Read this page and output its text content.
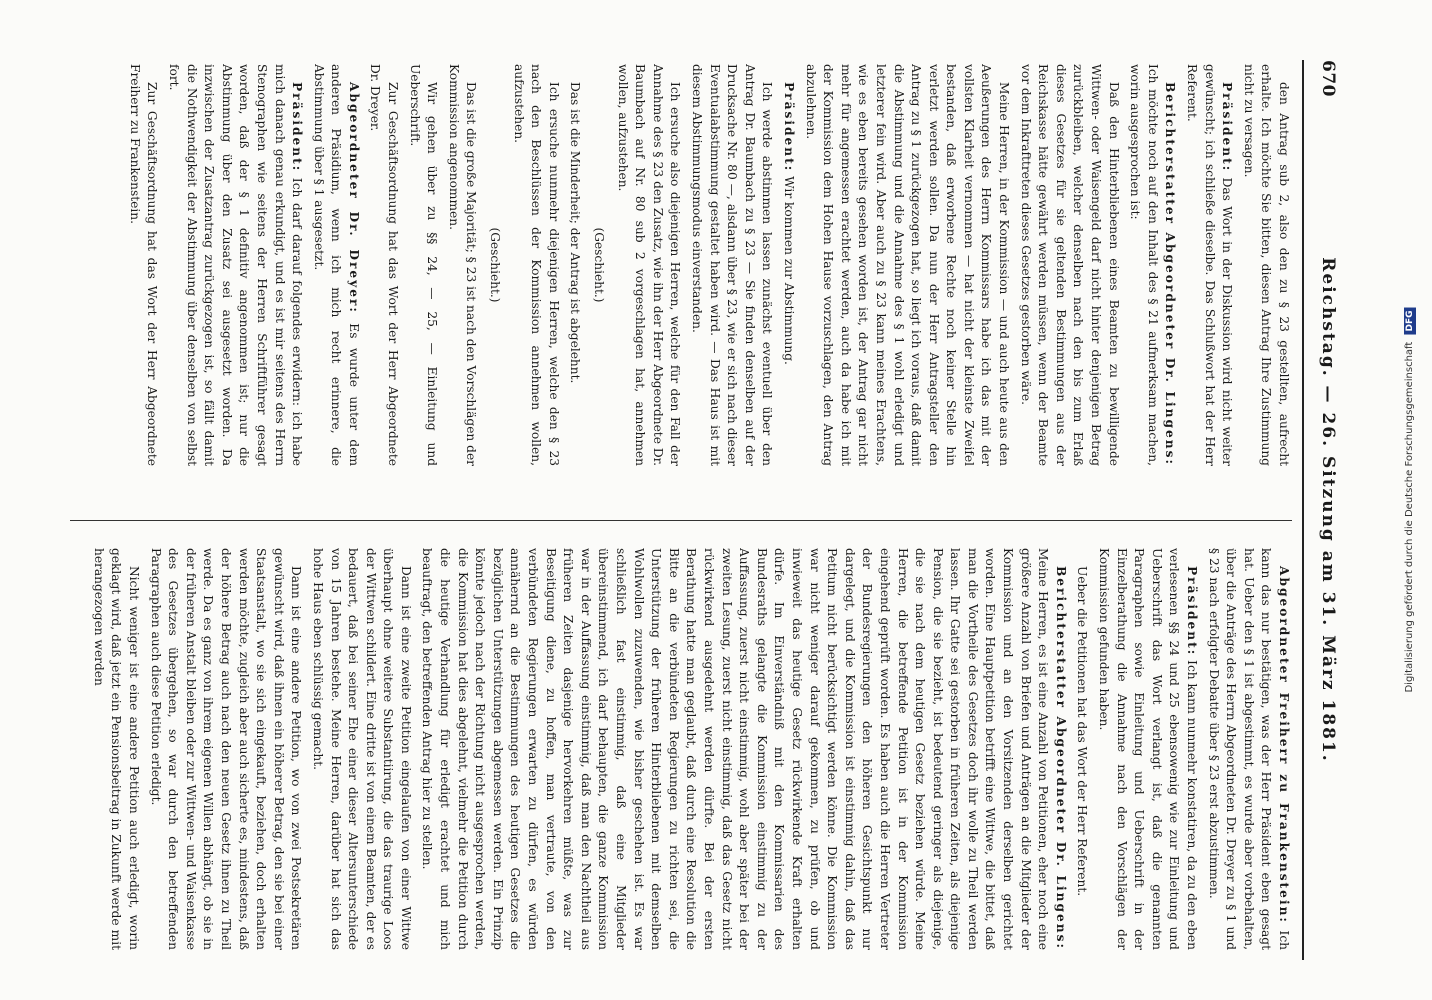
670
Reichstag. — 26. Sitzung am 31. März 1881.

den Antrag sub 2, also den zu § 23 gestellten, aufrecht erhalte. Ich möchte Sie bitten, diesen Antrag Ihre Zustimmung nicht zu versagen.

Präsident: Das Wort in der Diskussion wird nicht weiter gewünscht; ich schließe dieselbe. Das Schlußwort hat der Herr Referent.

Berichterstatter Abgeordneter Dr. Lingens: Ich möchte noch auf den Inhalt des § 21 aufmerksam machen, worin ausgesprochen ist:

Daß den Hinterbliebenen eines Beamten zu bewilligende Wittwen- oder Waisengeld darf nicht hinter denjenigen Betrag zurückbleiben, welcher denselben nach den bis zum Erlaß dieses Gesetzes für sie geltenden Bestimmungen aus der Reichskasse hätte gewährt werden müssen, wenn der Beamte vor dem Inkrafttreten dieses Gesetzes gestorben wäre.

Meine Herren, in der Kommission — und auch heute aus den Aeußerungen des Herrn Kommissars habe ich das mit der vollsten Klarheit vernommen — hat nicht der kleinste Zweifel bestanden, daß erworbene Rechte noch keiner Stelle hin verletzt werden sollen. Da nun der Herr Antragsteller den Antrag zu § 1 zurückgezogen hat, so liegt ich voraus, daß damit die Abstimmung und die Annahme des § 1 wohl erledigt und letzterer fein wird. Aber auch zu § 23 kann meines Erachtens, wie es eben bereits gesehen worden ist, der Antrag gar nicht mehr für angemessen erachtet werden, auch da habe ich mit der Kommission dem Hohen Hause vorzuschlagen, den Antrag abzulehnen.

Präsident: Wir kommen zur Abstimmung.

Ich werde abstimmen lassen zunächst eventuell über den Antrag Dr. Baumbach zu § 23 — Sie finden denselben auf der Drucksache Nr. 80 —, alsdann über § 23, wie er sich nach dieser Eventualabstimmung gestaltet haben wird. — Das Haus ist mit diesem Abstimmungsmodus einverstanden.

Ich ersuche also diejenigen Herren, welche für den Fall der Annahme des § 23 den Zusatz, wie ihn der Herr Abgeordnete Dr. Baumbach auf Nr. 80 sub 2 vorgeschlagen hat, annehmen wollen, aufzustehen.

(Geschieht.)

Das ist die Minderheit; der Antrag ist abgelehnt.

Ich ersuche nunmehr diejenigen Herren, welche den § 23 nach den Beschlüssen der Kommission annehmen wollen, aufzustehen.

(Geschieht.)

Das ist die große Majorität; § 23 ist nach den Vorschlägen der Kommission angenommen.

Wir gehen über zu §§ 24, — 25, — Einleitung und Ueberschrift.

Zur Geschäftsordnung hat das Wort der Herr Abgeordnete Dr. Dreyer.

Abgeordneter Dr. Dreyer: Es wurde unter dem anderen Präsidium, wenn ich mich recht erinnere, die Abstimmung über § 1 ausgesetzt.

Präsident: Ich darf darauf folgendes erwidern: ich habe mich danach genau erkundigt, und es ist mir seitens des Herrn Stenographen wie seitens der Herren Schriftführer gesagt worden, daß der § 1 definitiv angenommen ist; nur die Abstimmung über den Zusatz sei ausgesetzt worden. Da inzwischen der Zusatzantrag zurückgezogen ist, so fällt damit die Nothwendigkeit der Abstimmung über denselben von selbst fort.

Zur Geschäftsordnung hat das Wort der Herr Abgeordnete Freiherr zu Frankenstein.

Abgeordneter Freiherr zu Frankenstein: Ich kann das nur bestätigen, was der Herr Präsident eben gesagt hat. Ueber den § 1 ist abgestimmt, es wurde aber vorbehalten, über die Anträge des Herrn Abgeordneten Dr. Dreyer zu § 1 und § 23 nach erfolgter Debatte über § 23 erst abzustimmen.

Präsident: Ich kann nunmehr konstatiren, da zu den eben verlesenen §§ 24 und 25 ebensowenig wie zur Einleitung und Ueberschrift das Wort verlangt ist, daß die genannten Paragraphen sowie Einleitung und Ueberschrift in der Einzelberathung die Annahme nach den Vorschlägen der Kommission gefunden haben.

Ueber die Petitionen hat das Wort der Herr Referent.

Berichterstatter Abgeordneter Dr. Lingens: Meine Herren, es ist eine Anzahl von Petitionen, eher noch eine größere Anzahl von Briefen und Anträgen an die Mitglieder der Kommission und an den Vorsitzenden derselben gerichtet worden. Eine Hauptpetition betrifft eine Wittwe, die bittet, daß man die Vortheile des Gesetzes doch ihr wolle zu Theil werden lassen. Ihr Gatte sei gestorben in früheren Zeiten, als diejenige Pension, die sie bezieht, ist bedeutend geringer als diejenige, die sie nach dem heutigen Gesetz beziehen würde. Meine Herren, die betreffende Petition ist in der Kommission eingehend geprüft worden. Es haben auch die Herren Vertreter der Bundesregierungen den höheren Gesichtspunkt nur dargelegt, und die Kommission ist einstimmig dahin, daß das Petitum nicht berücksichtigt werden könne. Die Kommission war nicht weniger darauf gekommen, zu prüfen, ob und inwieweit das heutige Gesetz rückwirkende Kraft erhalten dürfe. Im Einverständniß mit den Kommissarien des Bundesraths gelangte die Kommission einstimmig zu der Auffassung, zuerst nicht einstimmig, wohl aber später bei der zweiten Lesung, zuerst nicht einstimmig, daß das Gesetz nicht rückwirkend ausgedehnt werden dürfte. Bei der ersten Berathung hatte man geglaubt, daß durch eine Resolution die Bitte an die verbündeten Regierungen zu richten sei, die Unterstützung der früheren Hinterbliebenen mit demselben Wohlwollen zuzuwenden, wie bisher geschehen ist. Es war schließlich fast einstimmig, daß eine Mitglieder übereinstimmend, ich darf behaupten, die ganze Kommission war in der Auffassung einstimmig, daß man den Nachtheil aus früheren Zeiten dasjenige hervorkehren müßte, was zur Beseitigung diene, zu hoffen, man vertraute, von den verbündeten Regierungen erwarten zu dürfen, es würden annähernd an die Bestimmungen des heutigen Gesetzes die bezüglichen Unterstützungen abgemessen werden. Ein Prinzip könnte jedoch nach der Richtung nicht ausgesprochen werden, die Kommission hat dies abgelehnt, vielmehr die Petition durch die heutige Verhandlung für erledigt erachtet und mich beauftragt, den betreffenden Antrag hier zu stellen.

Dann ist eine zweite Petition eingelaufen von einer Wittwe überhaupt ohne weitere Substantiirung, die das traurige Loos der Wittwen schildert. Eine dritte ist von einem Beamten, der es bedauert, daß bei seiner Ehe einer dieser Altersunterschiede von 15 Jahren bestehe. Meine Herren, darüber hat sich das hohe Haus eben schlüssig gemacht.

Dann ist eine andere Petition, wo von zwei Postsekretären gewünscht wird, daß ihnen ein höherer Betrag, den sie bei einer Staatsanstalt, wo sie sich eingekauft, beziehen, doch erhalten werden möchte, zugleich aber auch sicherte es, mindestens, daß der höhere Betrag auch nach den neuen Gesetz ihnen zu Theil werde. Da es ganz von ihrem eigenen Willen abhängt, ob sie in der früheren Anstalt bleiben oder zur Wittwen- und Waisenkasse des Gesetzes übergehen, so war durch den betreffenden Paragraphen auch diese Petition erledigt.

Nicht weniger ist eine andere Petition auch erledigt, worin geklagt wird, daß jetzt ein Pensionsbeitrag in Zukunft werde mit herangezogen werden	Digitalisierung gefördert durch die Deutsche Forschungsgemeinschaft DFG
